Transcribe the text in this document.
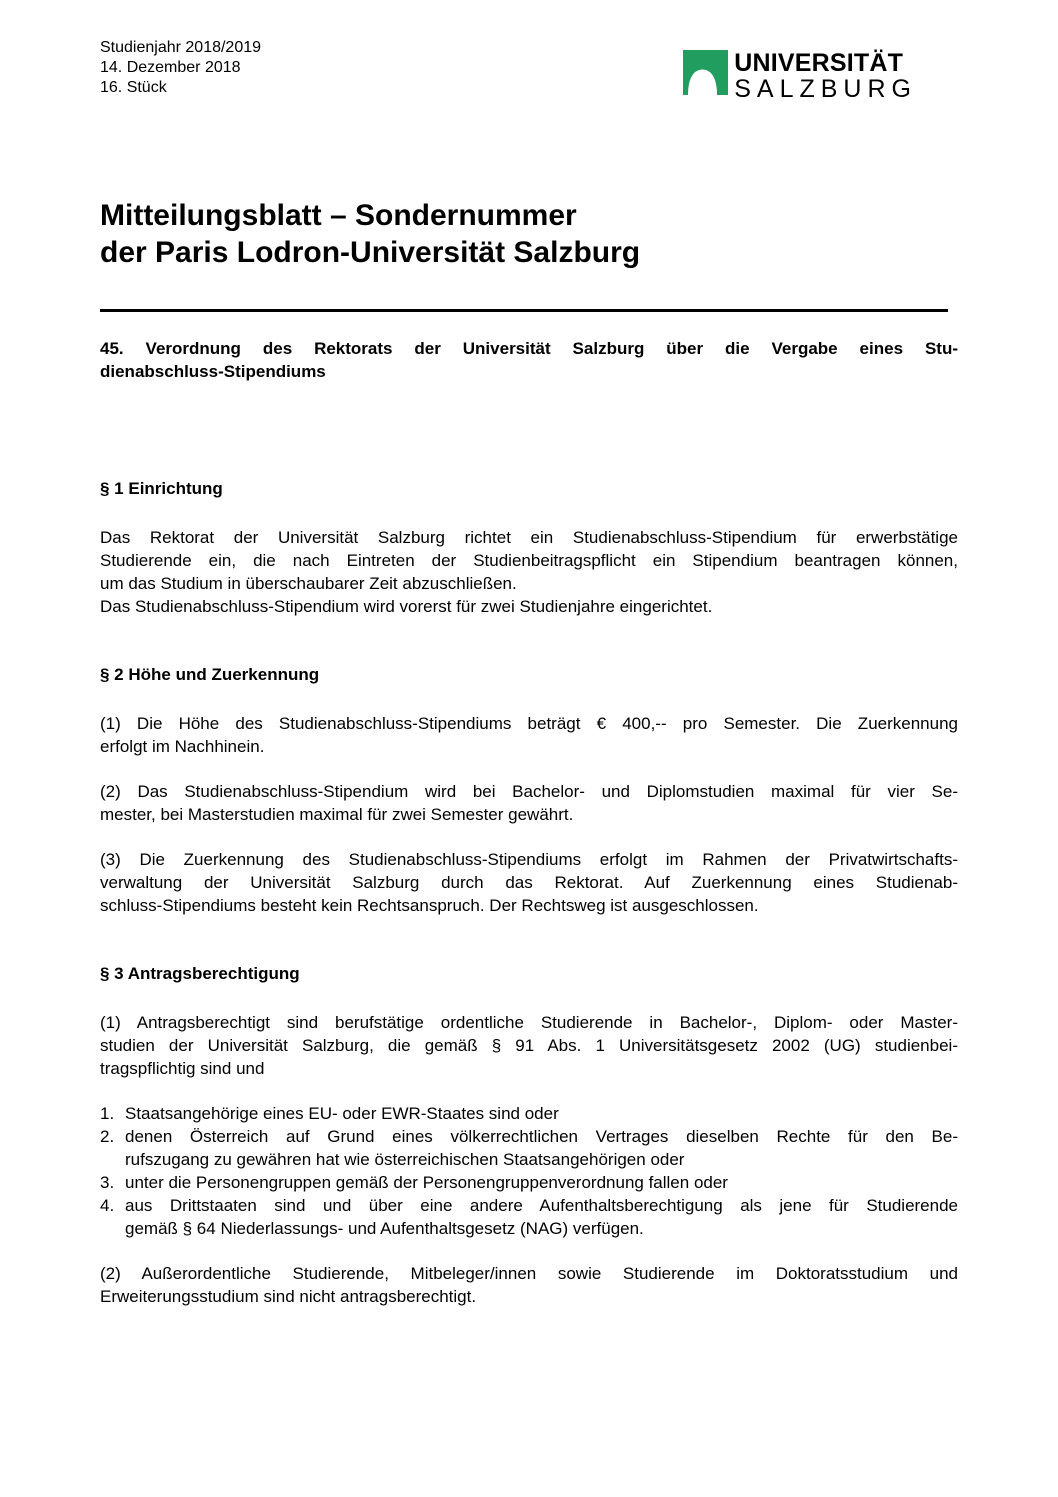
Studienjahr 2018/2019
14. Dezember 2018
16. Stück
UNIVERSITÄT
SALZBURG
Mitteilungsblatt – Sondernummer
der Paris Lodron-Universität Salzburg
45. Verordnung des Rektorats der Universität Salzburg über die Vergabe eines Stu-
dienabschluss-Stipendiums
§ 1 Einrichtung
Das Rektorat der Universität Salzburg richtet ein Studienabschluss-Stipendium für erwerbstätige
Studierende ein, die nach Eintreten der Studienbeitragspflicht ein Stipendium beantragen können,
um das Studium in überschaubarer Zeit abzuschließen.
Das Studienabschluss-Stipendium wird vorerst für zwei Studienjahre eingerichtet.
§ 2 Höhe und Zuerkennung
(1) Die Höhe des Studienabschluss-Stipendiums beträgt € 400,-- pro Semester. Die Zuerkennung
erfolgt im Nachhinein.
(2) Das Studienabschluss-Stipendium wird bei Bachelor- und Diplomstudien maximal für vier Se-
mester, bei Masterstudien maximal für zwei Semester gewährt.
(3) Die Zuerkennung des Studienabschluss-Stipendiums erfolgt im Rahmen der Privatwirtschafts-
verwaltung der Universität Salzburg durch das Rektorat. Auf Zuerkennung eines Studienab-
schluss-Stipendiums besteht kein Rechtsanspruch. Der Rechtsweg ist ausgeschlossen.
§ 3 Antragsberechtigung
(1) Antragsberechtigt sind berufstätige ordentliche Studierende in Bachelor-, Diplom- oder Master-
studien der Universität Salzburg, die gemäß § 91 Abs. 1 Universitätsgesetz 2002 (UG) studienbei-
tragspflichtig sind und
1. Staatsangehörige eines EU- oder EWR-Staates sind oder
2. denen Österreich auf Grund eines völkerrechtlichen Vertrages dieselben Rechte für den Be-
rufszugang zu gewähren hat wie österreichischen Staatsangehörigen oder
3. unter die Personengruppen gemäß der Personengruppenverordnung fallen oder
4. aus Drittstaaten sind und über eine andere Aufenthaltsberechtigung als jene für Studierende
gemäß § 64 Niederlassungs- und Aufenthaltsgesetz (NAG) verfügen.
(2) Außerordentliche Studierende, Mitbeleger/innen sowie Studierende im Doktoratsstudium und
Erweiterungsstudium sind nicht antragsberechtigt.
